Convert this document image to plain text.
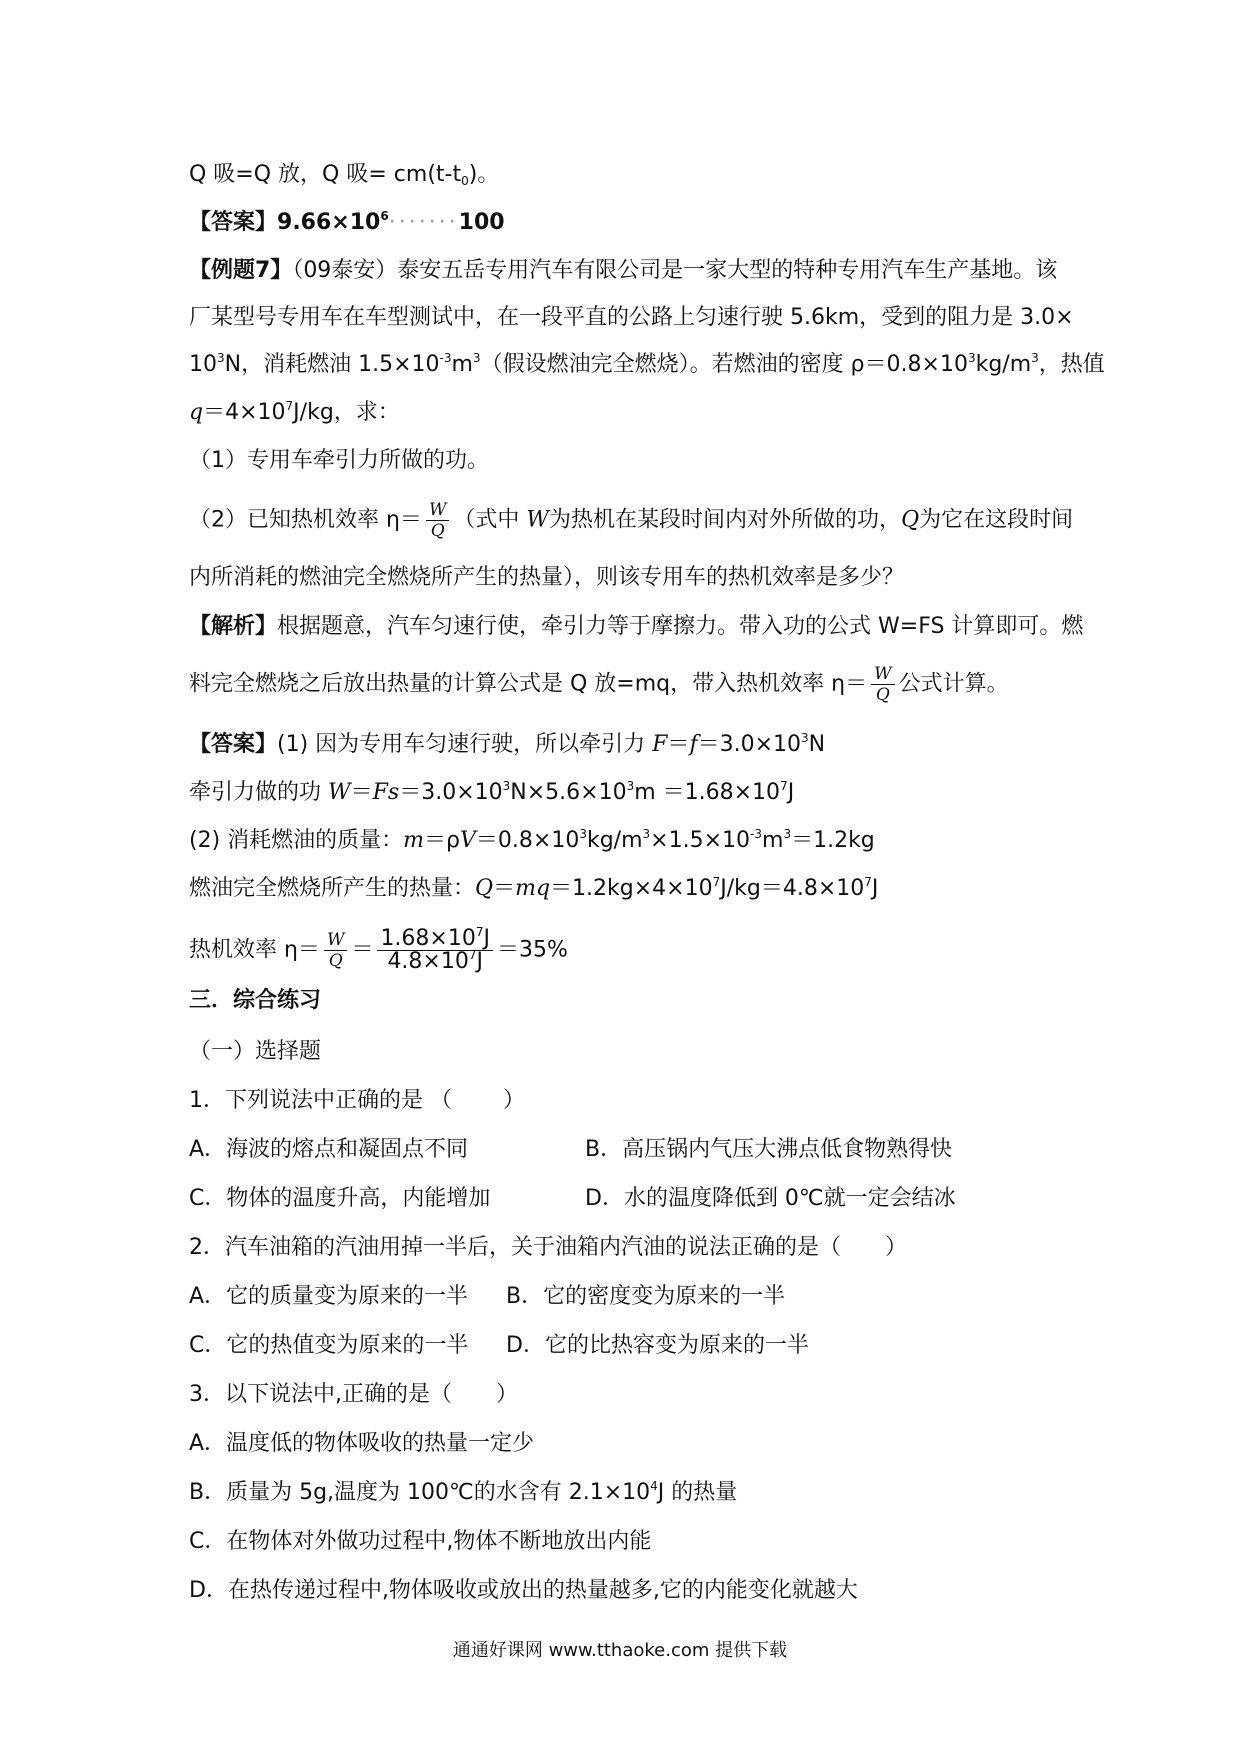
Q 吸=Q 放，Q 吸= $cm(t-t_0)$。
【答案】$9.66\times 10^6\cdot\cdot\cdot\cdot\cdot\cdot\cdot 100$
【例题7】（09泰安）泰安五岳专用汽车有限公司是一家大型的特种专用汽车生产基地。该
厂某型号专用车在车型测试中，在一段平直的公路上匀速行驶 5.6km，受到的阻力是 3.0×
$10^3N$，消耗燃油 $1.5\times 10^{-3}m^3$（假设燃油完全燃烧）。若燃油的密度 $\rho=0.8\times 10^3kg/m^3$，热值
$q=4\times 10^7J/kg$，求：
（1）专用车牵引力所做的功。
（2）已知热机效率 $\eta= \frac{W}{Q}$ （式中 W为热机在某段时间内对外所做的功，Q为它在这段时间
内所消耗的燃油完全燃烧所产生的热量），则该专用车的热机效率是多少？
【解析】根据题意，汽车匀速行使，牵引力等于摩擦力。带入功的公式 W=FS 计算即可。燃
料完全燃烧之后放出热量的计算公式是 Q 放=mq，带入热机效率 $\eta= \frac{W}{Q}$ 公式计算。
【答案】(1) 因为专用车匀速行驶，所以牵引力 $F=f=3.0\times 10^3N$
牵引力做的功 $W=Fs=3.0\times 10^3N\times 5.6\times 10^3m =1.68\times 10^7J$
(2) 消耗燃油的质量：$m=\rho V=0.8\times 10^3kg/m^3\times 1.5\times 10^{-3}m^3=1.2kg$
燃油完全燃烧所产生的热量：$Q=mq=1.2kg\times 4\times 10^7J/kg=4.8\times 10^7J$
热机效率 $\eta= \frac{W}{Q} = \frac{1.68\times 10^7J}{4.8\times 10^7J} =35\%$
三．综合练习
（一）选择题
1．下列说法中正确的是 （　　 ）
A．海波的熔点和凝固点不同	B．高压锅内气压大沸点低食物熟得快
C．物体的温度升高，内能增加	D．水的温度降低到 0℃就一定会结冰
2．汽车油箱的汽油用掉一半后，关于油箱内汽油的说法正确的是（　　）
A．它的质量变为原来的一半 B．它的密度变为原来的一半
C．它的热值变为原来的一半 D．它的比热容变为原来的一半
3．以下说法中,正确的是（　　）
A．温度低的物体吸收的热量一定少
B．质量为 5g,温度为 100℃的水含有 $2.1\times 10^4J$ 的热量
C．在物体对外做功过程中,物体不断地放出内能
D．在热传递过程中,物体吸收或放出的热量越多,它的内能变化就越大
通通好课网 www.tthaoke.com 提供下载
